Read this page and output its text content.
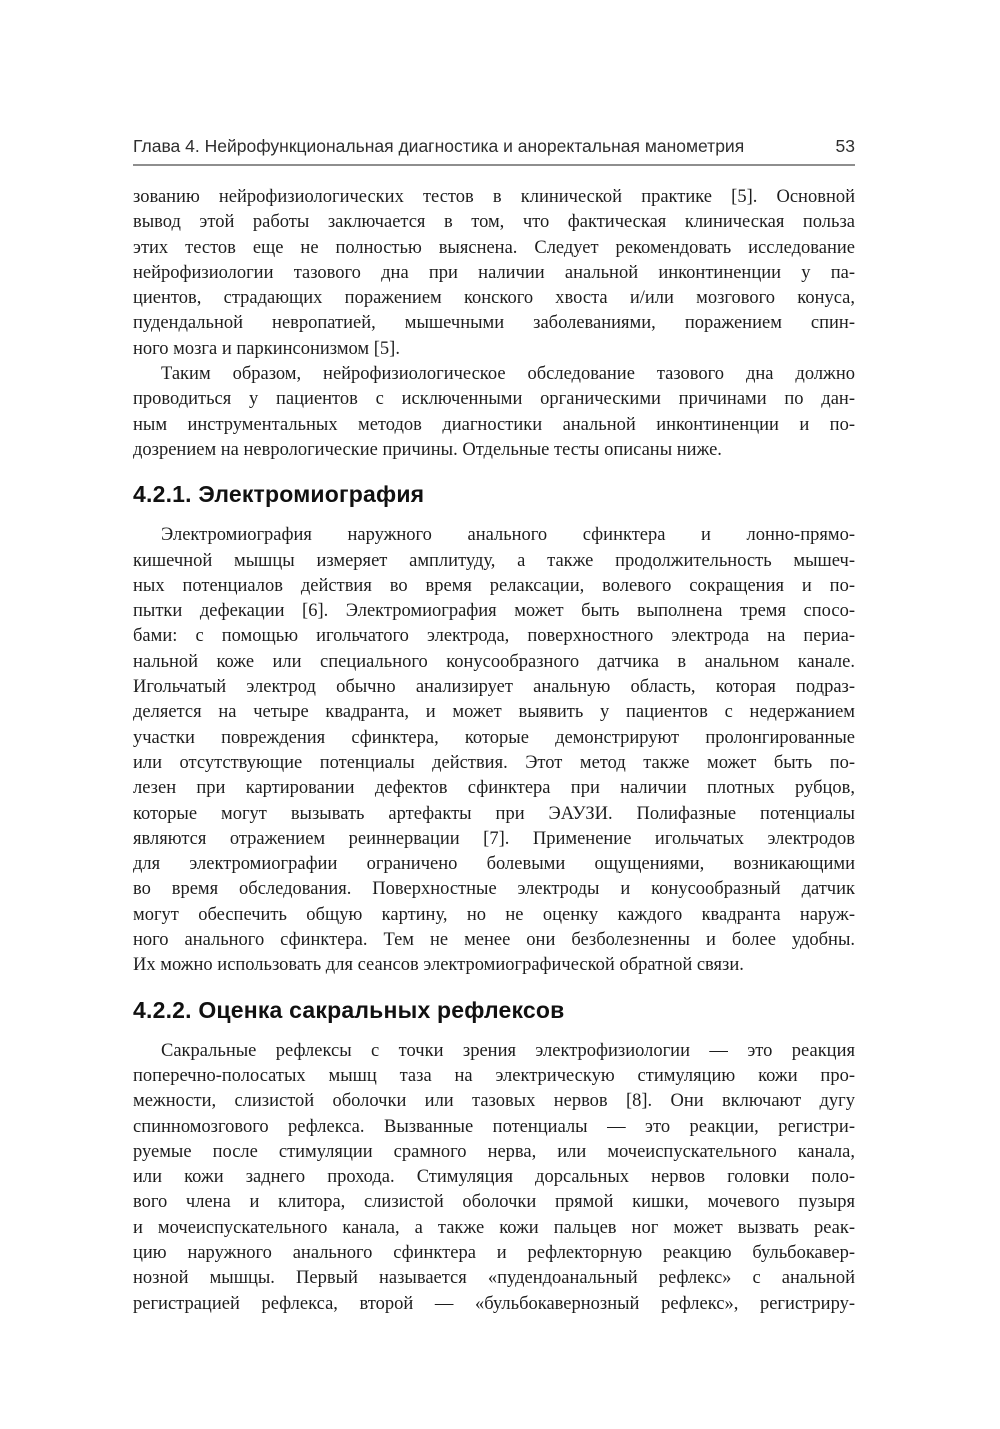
Глава 4. Нейрофункциональная диагностика и аноректальная манометрия	53
зованию нейрофизиологических тестов в клинической практике [5]. Основной
вывод этой работы заключается в том, что фактическая клиническая польза
этих тестов еще не полностью выяснена. Следует рекомендовать исследование
нейрофизиологии тазового дна при наличии анальной инконтиненции у па-
циентов, страдающих поражением конского хвоста и/или мозгового конуса,
пудендальной невропатией, мышечными заболеваниями, поражением спин-
ного мозга и паркинсонизмом [5].
Таким образом, нейрофизиологическое обследование тазового дна должно
проводиться у пациентов с исключенными органическими причинами по дан-
ным инструментальных методов диагностики анальной инконтиненции и по-
дозрением на неврологические причины. Отдельные тесты описаны ниже.
4.2.1. Электромиография
Электромиография наружного анального сфинктера и лонно-прямо-
кишечной мышцы измеряет амплитуду, а также продолжительность мышеч-
ных потенциалов действия во время релаксации, волевого сокращения и по-
пытки дефекации [6]. Электромиография может быть выполнена тремя спосо-
бами: с помощью игольчатого электрода, поверхностного электрода на периа-
нальной коже или специального конусообразного датчика в анальном канале.
Игольчатый электрод обычно анализирует анальную область, которая подраз-
деляется на четыре квадранта, и может выявить у пациентов с недержанием
участки повреждения сфинктера, которые демонстрируют пролонгированные
или отсутствующие потенциалы действия. Этот метод также может быть по-
лезен при картировании дефектов сфинктера при наличии плотных рубцов,
которые могут вызывать артефакты при ЭАУЗИ. Полифазные потенциалы
являются отражением реиннервации [7]. Применение игольчатых электродов
для электромиографии ограничено болевыми ощущениями, возникающими
во время обследования. Поверхностные электроды и конусообразный датчик
могут обеспечить общую картину, но не оценку каждого квадранта наруж-
ного анального сфинктера. Тем не менее они безболезненны и более удобны.
Их можно использовать для сеансов электромиографической обратной связи.
4.2.2. Оценка сакральных рефлексов
Сакральные рефлексы с точки зрения электрофизиологии — это реакция
поперечно-полосатых мышц таза на электрическую стимуляцию кожи про-
межности, слизистой оболочки или тазовых нервов [8]. Они включают дугу
спинномозгового рефлекса. Вызванные потенциалы — это реакции, регистри-
руемые после стимуляции срамного нерва, или мочеиспускательного канала,
или кожи заднего прохода. Стимуляция дорсальных нервов головки поло-
вого члена и клитора, слизистой оболочки прямой кишки, мочевого пузыря
и мочеиспускательного канала, а также кожи пальцев ног может вызвать реак-
цию наружного анального сфинктера и рефлекторную реакцию бульбокавер-
нозной мышцы. Первый называется «пудендоанальный рефлекс» с анальной
регистрацией рефлекса, второй — «бульбокавернозный рефлекс», регистриру-
